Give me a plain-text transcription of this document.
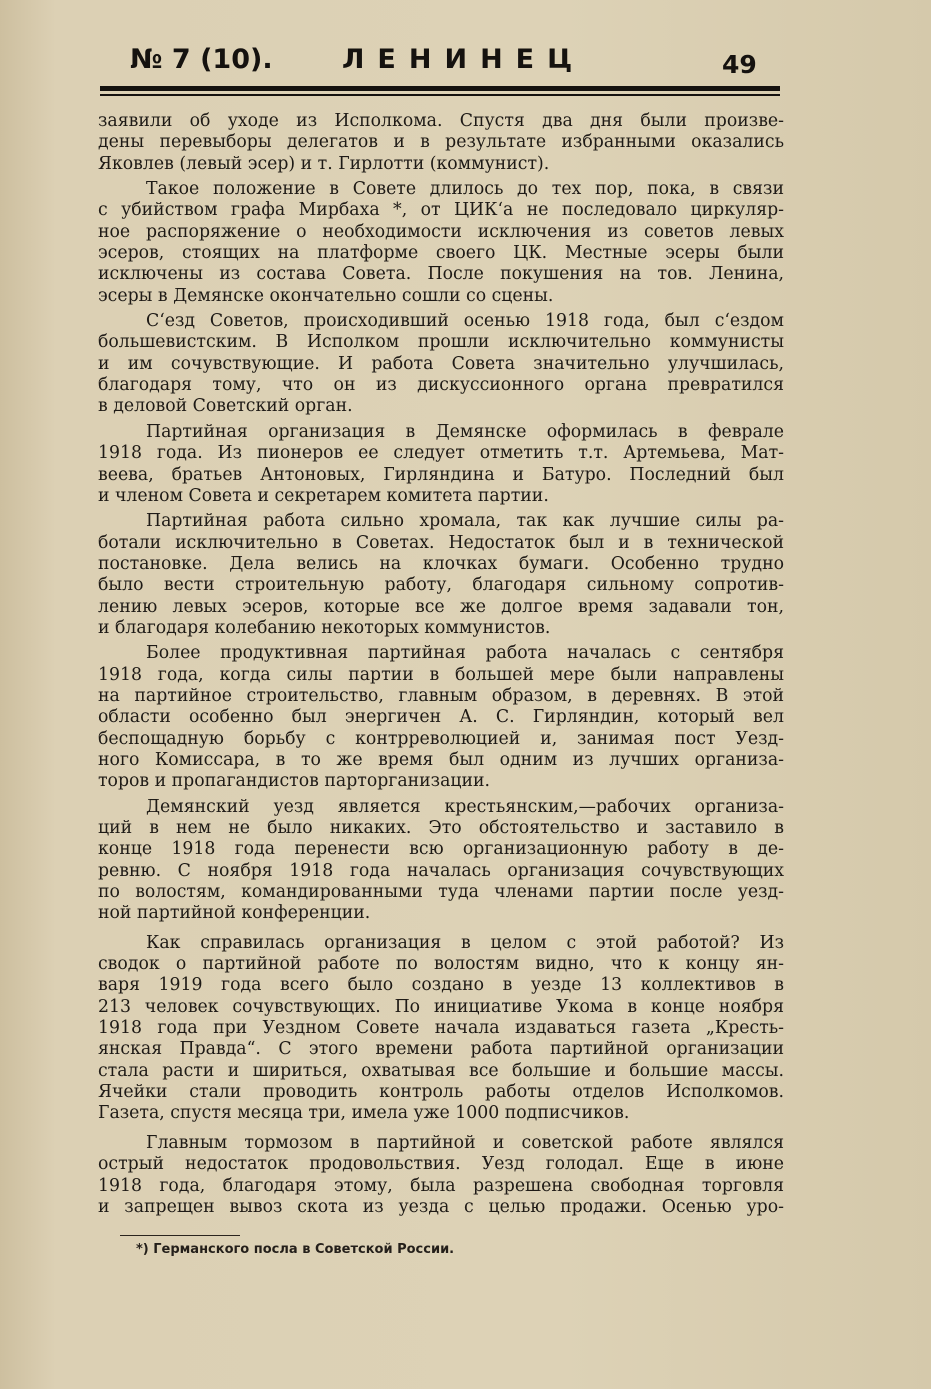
№ 7 (10).	ЛЕНИНЕЦ	49
заявили об уходе из Исполкома. Спустя два дня были произве-
дены перевыборы делегатов и в результате избранными оказались
Яковлев (левый эсер) и т. Гирлотти (коммунист).
Такое положение в Совете длилось до тех пор, пока, в связи
с убийством графа Мирбаха *, от ЦИК‘а не последовало циркуляр-
ное распоряжение о необходимости исключения из советов левых
эсеров, стоящих на платформе своего ЦК. Местные эсеры были
исключены из состава Совета. После покушения на тов. Ленина,
эсеры в Демянске окончательно сошли со сцены.
С‘езд Советов, происходивший осенью 1918 года, был с‘ездом
большевистским. В Исполком прошли исключительно коммунисты
и им сочувствующие. И работа Совета значительно улучшилась,
благодаря тому, что он из дискуссионного органа превратился
в деловой Советский орган.
Партийная организация в Демянске оформилась в феврале
1918 года. Из пионеров ее следует отметить т.т. Артемьева, Мат-
веева, братьев Антоновых, Гирляндина и Батуро. Последний был
и членом Совета и секретарем комитета партии.
Партийная работа сильно хромала, так как лучшие силы ра-
ботали исключительно в Советах. Недостаток был и в технической
постановке. Дела велись на клочках бумаги. Особенно трудно
было вести строительную работу, благодаря сильному сопротив-
лению левых эсеров, которые все же долгое время задавали тон,
и благодаря колебанию некоторых коммунистов.
Более продуктивная партийная работа началась с сентября
1918 года, когда силы партии в большей мере были направлены
на партийное строительство, главным образом, в деревнях. В этой
области особенно был энергичен А. С. Гирляндин, который вел
беспощадную борьбу с контрреволюцией и, занимая пост Уезд-
ного Комиссара, в то же время был одним из лучших организа-
торов и пропагандистов парторганизации.
Демянский уезд является крестьянским,—рабочих организа-
ций в нем не было никаких. Это обстоятельство и заставило в
конце 1918 года перенести всю организационную работу в де-
ревню. С ноября 1918 года началась организация сочувствующих
по волостям, командированными туда членами партии после уезд-
ной партийной конференции.
Как справилась организация в целом с этой работой? Из
сводок о партийной работе по волостям видно, что к концу ян-
варя 1919 года всего было создано в уезде 13 коллективов в
213 человек сочувствующих. По инициативе Укома в конце ноября
1918 года при Уездном Совете начала издаваться газета „Кресть-
янская Правда“. С этого времени работа партийной организации
стала расти и шириться, охватывая все большие и большие массы.
Ячейки стали проводить контроль работы отделов Исполкомов.
Газета, спустя месяца три, имела уже 1000 подписчиков.
Главным тормозом в партийной и советской работе являлся
острый недостаток продовольствия. Уезд голодал. Еще в июне
1918 года, благодаря этому, была разрешена свободная торговля
и запрещен вывоз скота из уезда с целью продажи. Осенью уро-
*) Германского посла в Советской России.
